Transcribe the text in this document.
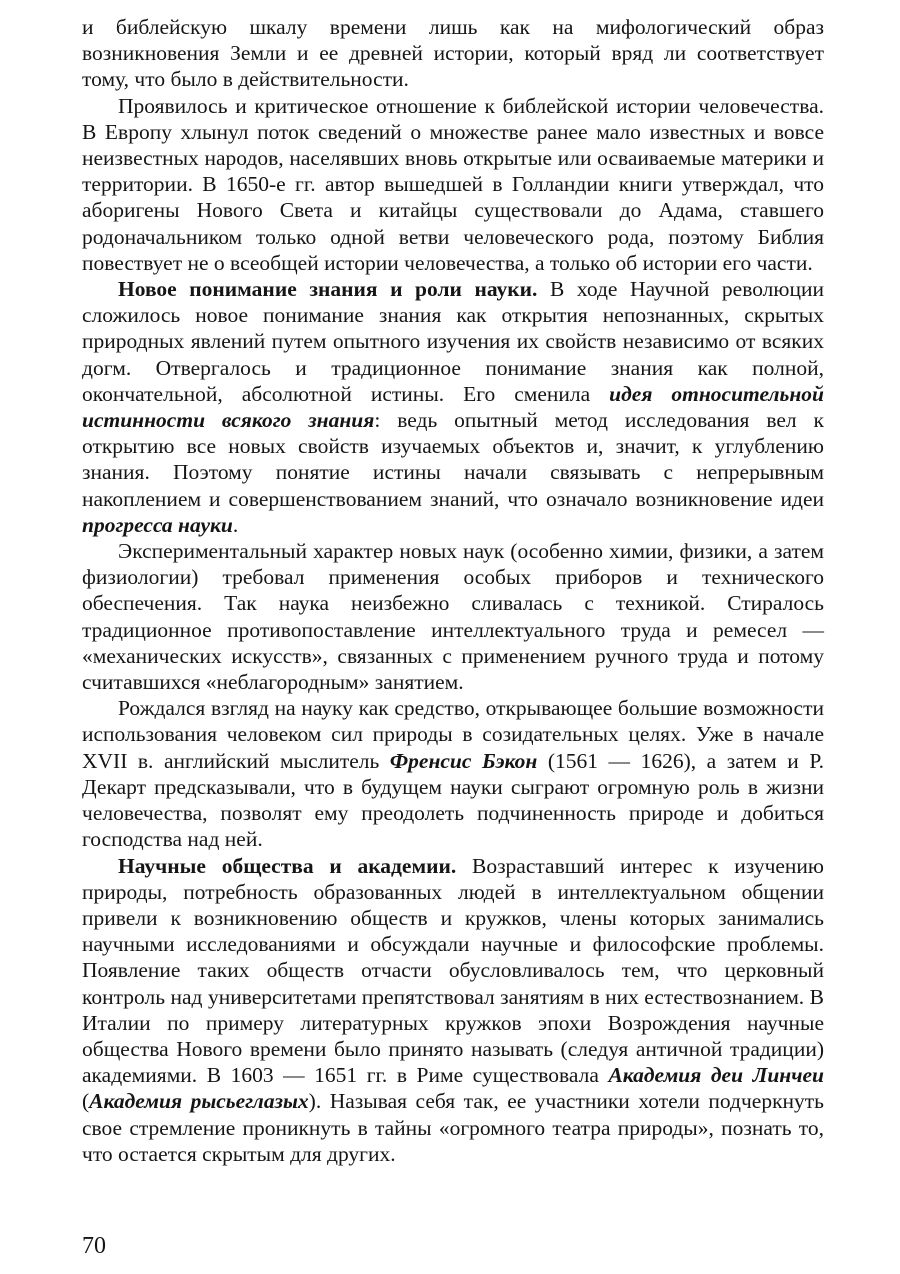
и библейскую шкалу времени лишь как на мифологический образ возникновения Земли и ее древней истории, который вряд ли соответствует тому, что было в действительности.

Проявилось и критическое отношение к библейской истории человечества. В Европу хлынул поток сведений о множестве ранее мало известных и вовсе неизвестных народов, населявших вновь открытые или осваиваемые материки и территории. В 1650-е гг. автор вышедшей в Голландии книги утверждал, что аборигены Нового Света и китайцы существовали до Адама, ставшего родоначальником только одной ветви человеческого рода, поэтому Библия повествует не о всеобщей истории человечества, а только об истории его части.

Новое понимание знания и роли науки. В ходе Научной революции сложилось новое понимание знания как открытия непознанных, скрытых природных явлений путем опытного изучения их свойств независимо от всяких догм. Отвергалось и традиционное понимание знания как полной, окончательной, абсолютной истины. Его сменила идея относительной истинности всякого знания: ведь опытный метод исследования вел к открытию все новых свойств изучаемых объектов и, значит, к углублению знания. Поэтому понятие истины начали связывать с непрерывным накоплением и совершенствованием знаний, что означало возникновение идеи прогресса науки.

Экспериментальный характер новых наук (особенно химии, физики, а затем физиологии) требовал применения особых приборов и технического обеспечения. Так наука неизбежно сливалась с техникой. Стиралось традиционное противопоставление интеллектуального труда и ремесел — «механических искусств», связанных с применением ручного труда и потому считавшихся «неблагородным» занятием.

Рождался взгляд на науку как средство, открывающее большие возможности использования человеком сил природы в созидательных целях. Уже в начале XVII в. английский мыслитель Френсис Бэкон (1561 — 1626), а затем и Р. Декарт предсказывали, что в будущем науки сыграют огромную роль в жизни человечества, позволят ему преодолеть подчиненность природе и добиться господства над ней.

Научные общества и академии. Возраставший интерес к изучению природы, потребность образованных людей в интеллектуальном общении привели к возникновению обществ и кружков, члены которых занимались научными исследованиями и обсуждали научные и философские проблемы. Появление таких обществ отчасти обусловливалось тем, что церковный контроль над университетами препятствовал занятиям в них естествознанием. В Италии по примеру литературных кружков эпохи Возрождения научные общества Нового времени было принято называть (следуя античной традиции) академиями. В 1603 — 1651 гг. в Риме существовала Академия деи Линчеи (Академия рысьеглазых). Называя себя так, ее участники хотели подчеркнуть свое стремление проникнуть в тайны «огромного театра природы», познать то, что остается скрытым для других.

70
